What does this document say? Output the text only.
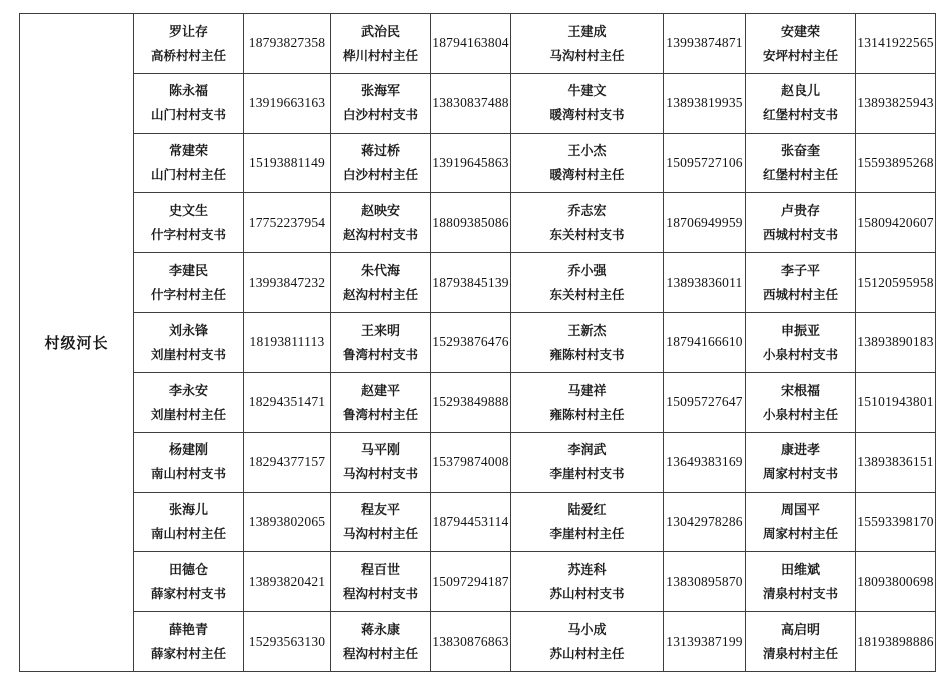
村级河长	罗让存
高桥村村主任	18793827358	武治民
桦川村村主任	18794163804	王建成
马沟村村主任	13993874871	安建荣
安坪村村主任	13141922565

	陈永福
山门村村支书	13919663163	张海军
白沙村村支书	13830837488	牛建文
暖湾村村支书	13893819935	赵良儿
红堡村村支书	13893825943

	常建荣
山门村村主任	15193881149	蒋过桥
白沙村村主任	13919645863	王小杰
暖湾村村主任	15095727106	张奋奎
红堡村村主任	15593895268

	史文生
什字村村支书	17752237954	赵映安
赵沟村村支书	18809385086	乔志宏
东关村村支书	18706949959	卢贵存
西城村村支书	15809420607

	李建民
什字村村主任	13993847232	朱代海
赵沟村村主任	18793845139	乔小强
东关村村主任	13893836011	李子平
西城村村主任	15120595958

	刘永锋
刘崖村村支书	18193811113	王来明
鲁湾村村支书	15293876476	王新杰
雍陈村村支书	18794166610	申振亚
小泉村村支书	13893890183

	李永安
刘崖村村主任	18294351471	赵建平
鲁湾村村主任	15293849888	马建祥
雍陈村村主任	15095727647	宋根福
小泉村村主任	15101943801

	杨建刚
南山村村支书	18294377157	马平刚
马沟村村支书	15379874008	李润武
李崖村村支书	13649383169	康进孝
周家村村支书	13893836151

	张海儿
南山村村主任	13893802065	程友平
马沟村村主任	18794453114	陆爱红
李崖村村主任	13042978286	周国平
周家村村主任	15593398170

	田德仓
薛家村村支书	13893820421	程百世
程沟村村支书	15097294187	苏连科
苏山村村支书	13830895870	田维斌
清泉村村支书	18093800698

	薛艳青
薛家村村主任	15293563130	蒋永康
程沟村村主任	13830876863	马小成
苏山村村主任	13139387199	高启明
清泉村村主任	18193898886
